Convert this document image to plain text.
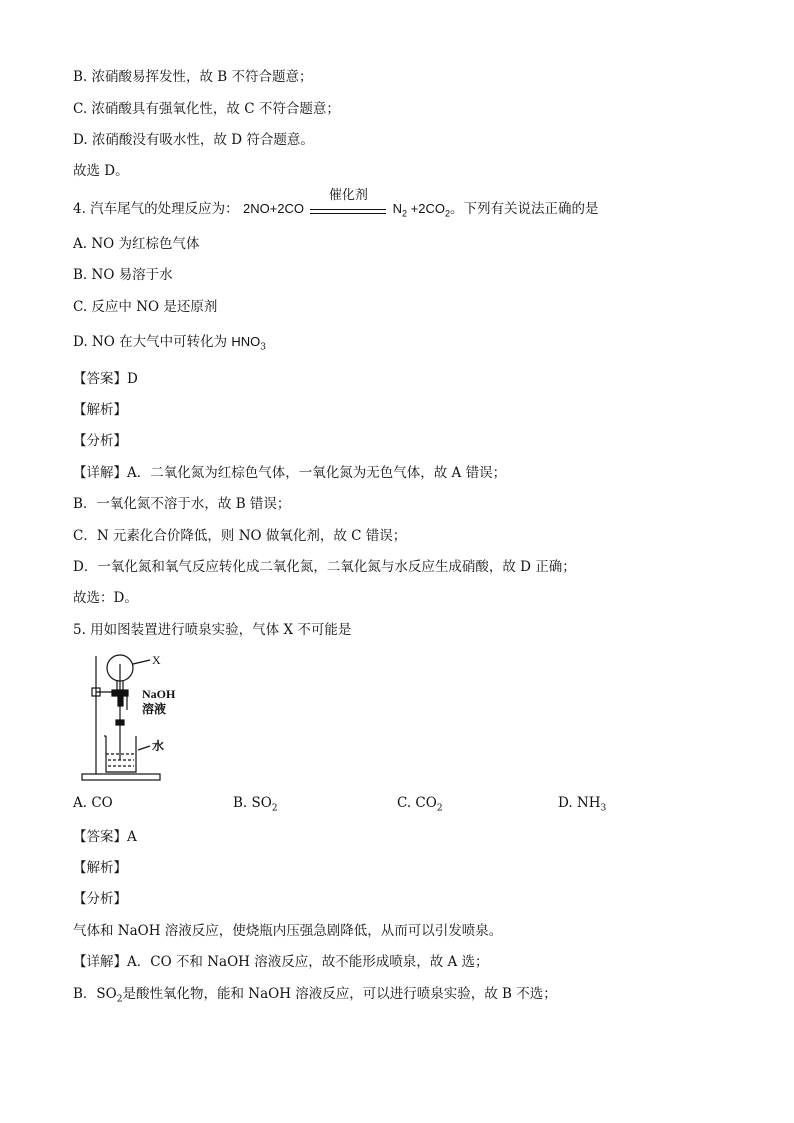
B. 浓硝酸易挥发性，故 B 不符合题意；
C. 浓硝酸具有强氧化性，故 C 不符合题意；
D. 浓硝酸没有吸水性，故 D 符合题意。
故选 D。
4. 汽车尾气的处理反应为： 2NO+2CO
催化剂
$N_2 +2CO_2$。下列有关说法正确的是
A. NO 为红棕色气体
B. NO 易溶于水
C. 反应中 NO 是还原剂
D. NO 在大气中可转化为 $HNO_3$
【答案】D
【解析】
【分析】
【详解】A．二氧化氮为红棕色气体，一氧化氮为无色气体，故 A 错误；
B．一氧化氮不溶于水，故 B 错误；
C．N 元素化合价降低，则 NO 做氧化剂，故 C 错误；
D．一氧化氮和氧气反应转化成二氧化氮，二氧化氮与水反应生成硝酸，故 D 正确；
故选：D。
5. 用如图装置进行喷泉实验，气体 X 不可能是
X
NaOH
溶液
水
A. CO	B. $SO_2$	C. $CO_2$	D. $NH_3$
【答案】A
【解析】
【分析】
气体和 NaOH 溶液反应，使烧瓶内压强急剧降低，从而可以引发喷泉。
【详解】A．CO 不和 NaOH 溶液反应，故不能形成喷泉，故 A 选；
B．$SO_2$是酸性氧化物，能和 NaOH 溶液反应，可以进行喷泉实验，故 B 不选；
